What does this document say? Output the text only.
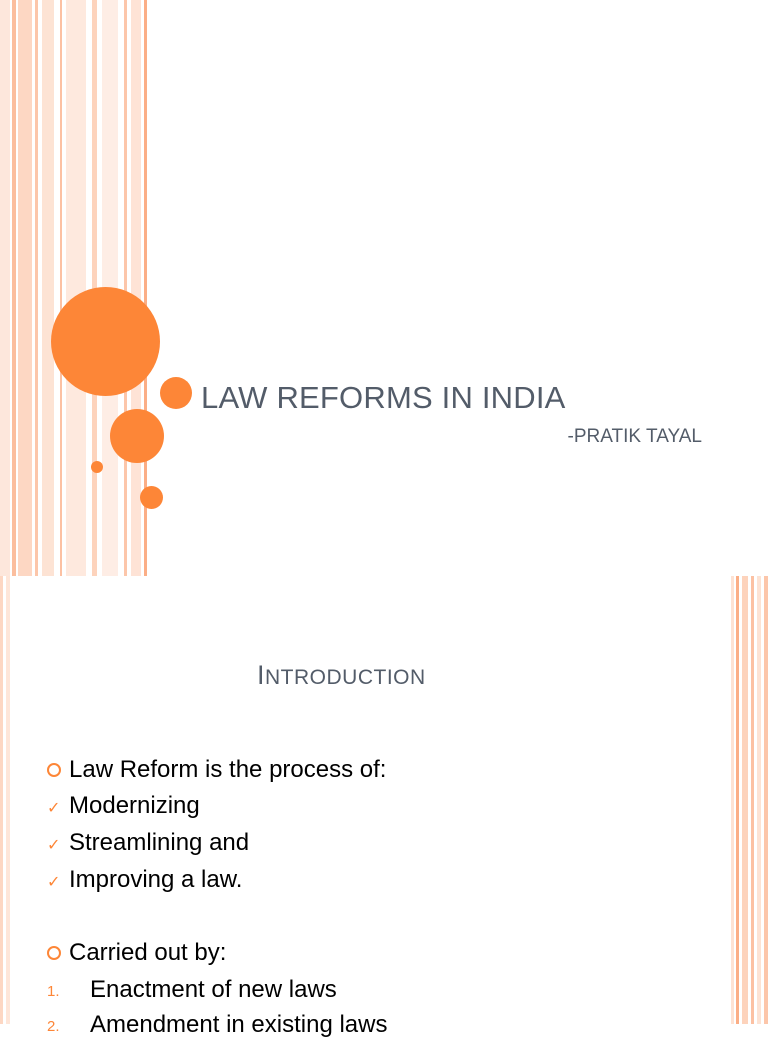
LAW REFORMS IN INDIA
-PRATIK TAYAL
INTRODUCTION
Law Reform is the process of:
✓ Modernizing
✓ Streamlining and
✓ Improving a law.
Carried out by:
1. Enactment of new laws
2. Amendment in existing laws
